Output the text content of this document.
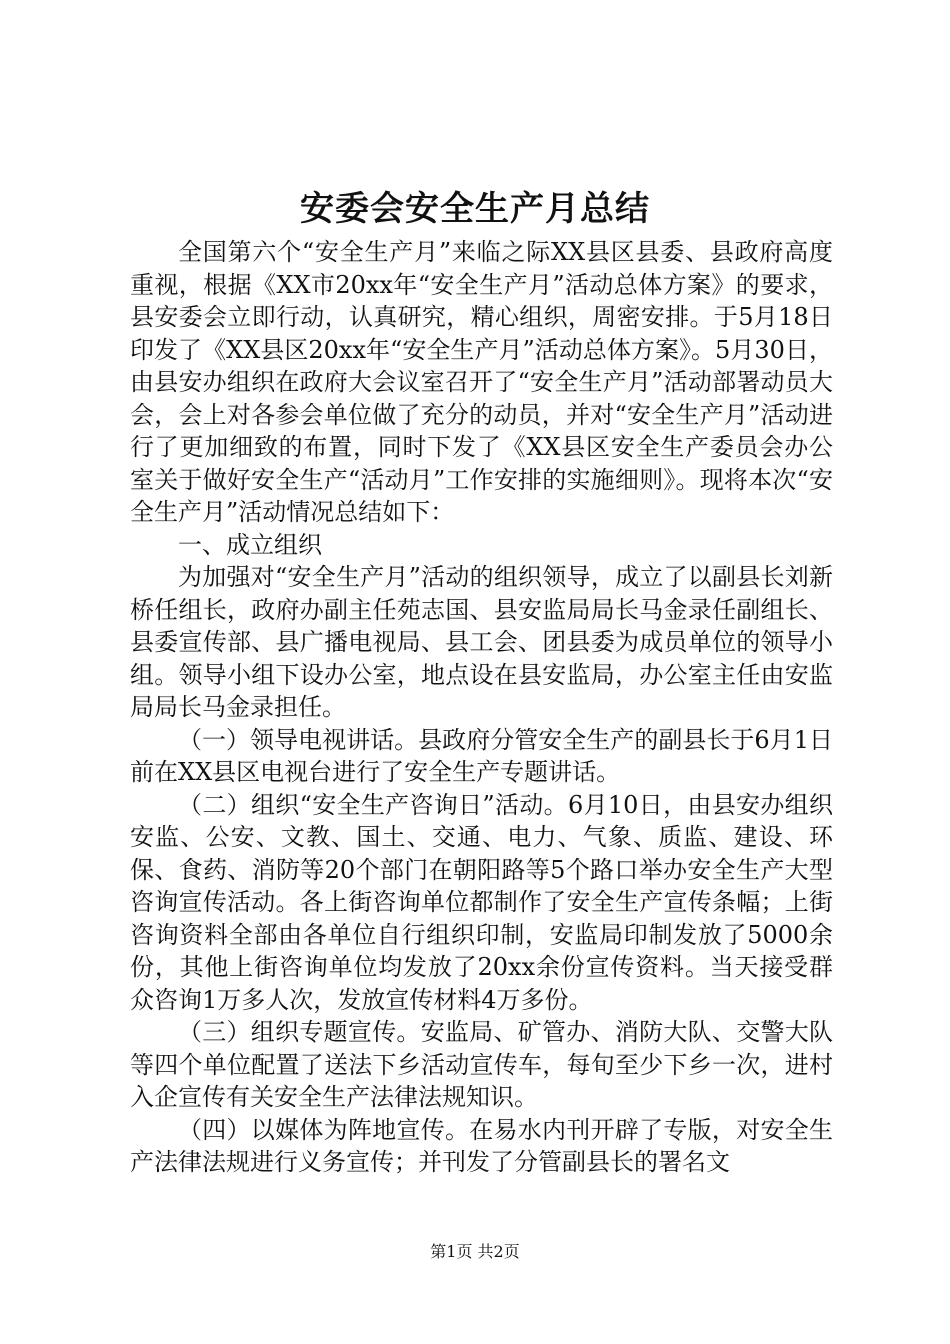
安委会安全生产月总结

全国第六个“安全生产月”来临之际XX县区县委、县政府高度重视，根据《XX市20xx年“安全生产月”活动总体方案》的要求，县安委会立即行动，认真研究，精心组织，周密安排。于5月18日印发了《XX县区20xx年“安全生产月”活动总体方案》。5月30日，由县安办组织在政府大会议室召开了“安全生产月”活动部署动员大会，会上对各参会单位做了充分的动员，并对“安全生产月”活动进行了更加细致的布置，同时下发了《XX县区安全生产委员会办公室关于做好安全生产“活动月”工作安排的实施细则》。现将本次“安全生产月”活动情况总结如下：

一、成立组织

为加强对“安全生产月”活动的组织领导，成立了以副县长刘新桥任组长，政府办副主任苑志国、县安监局局长马金录任副组长、县委宣传部、县广播电视局、县工会、团县委为成员单位的领导小组。领导小组下设办公室，地点设在县安监局，办公室主任由安监局局长马金录担任。

（一）领导电视讲话。县政府分管安全生产的副县长于6月1日前在XX县区电视台进行了安全生产专题讲话。

（二）组织“安全生产咨询日”活动。6月10日，由县安办组织安监、公安、文教、国土、交通、电力、气象、质监、建设、环保、食药、消防等20个部门在朝阳路等5个路口举办安全生产大型咨询宣传活动。各上街咨询单位都制作了安全生产宣传条幅；上街咨询资料全部由各单位自行组织印制，安监局印制发放了5000余份，其他上街咨询单位均发放了20xx余份宣传资料。当天接受群众咨询1万多人次，发放宣传材料4万多份。

（三）组织专题宣传。安监局、矿管办、消防大队、交警大队等四个单位配置了送法下乡活动宣传车，每旬至少下乡一次，进村入企宣传有关安全生产法律法规知识。

（四）以媒体为阵地宣传。在易水内刊开辟了专版，对安全生产法律法规进行义务宣传；并刊发了分管副县长的署名文

第1页 共2页
